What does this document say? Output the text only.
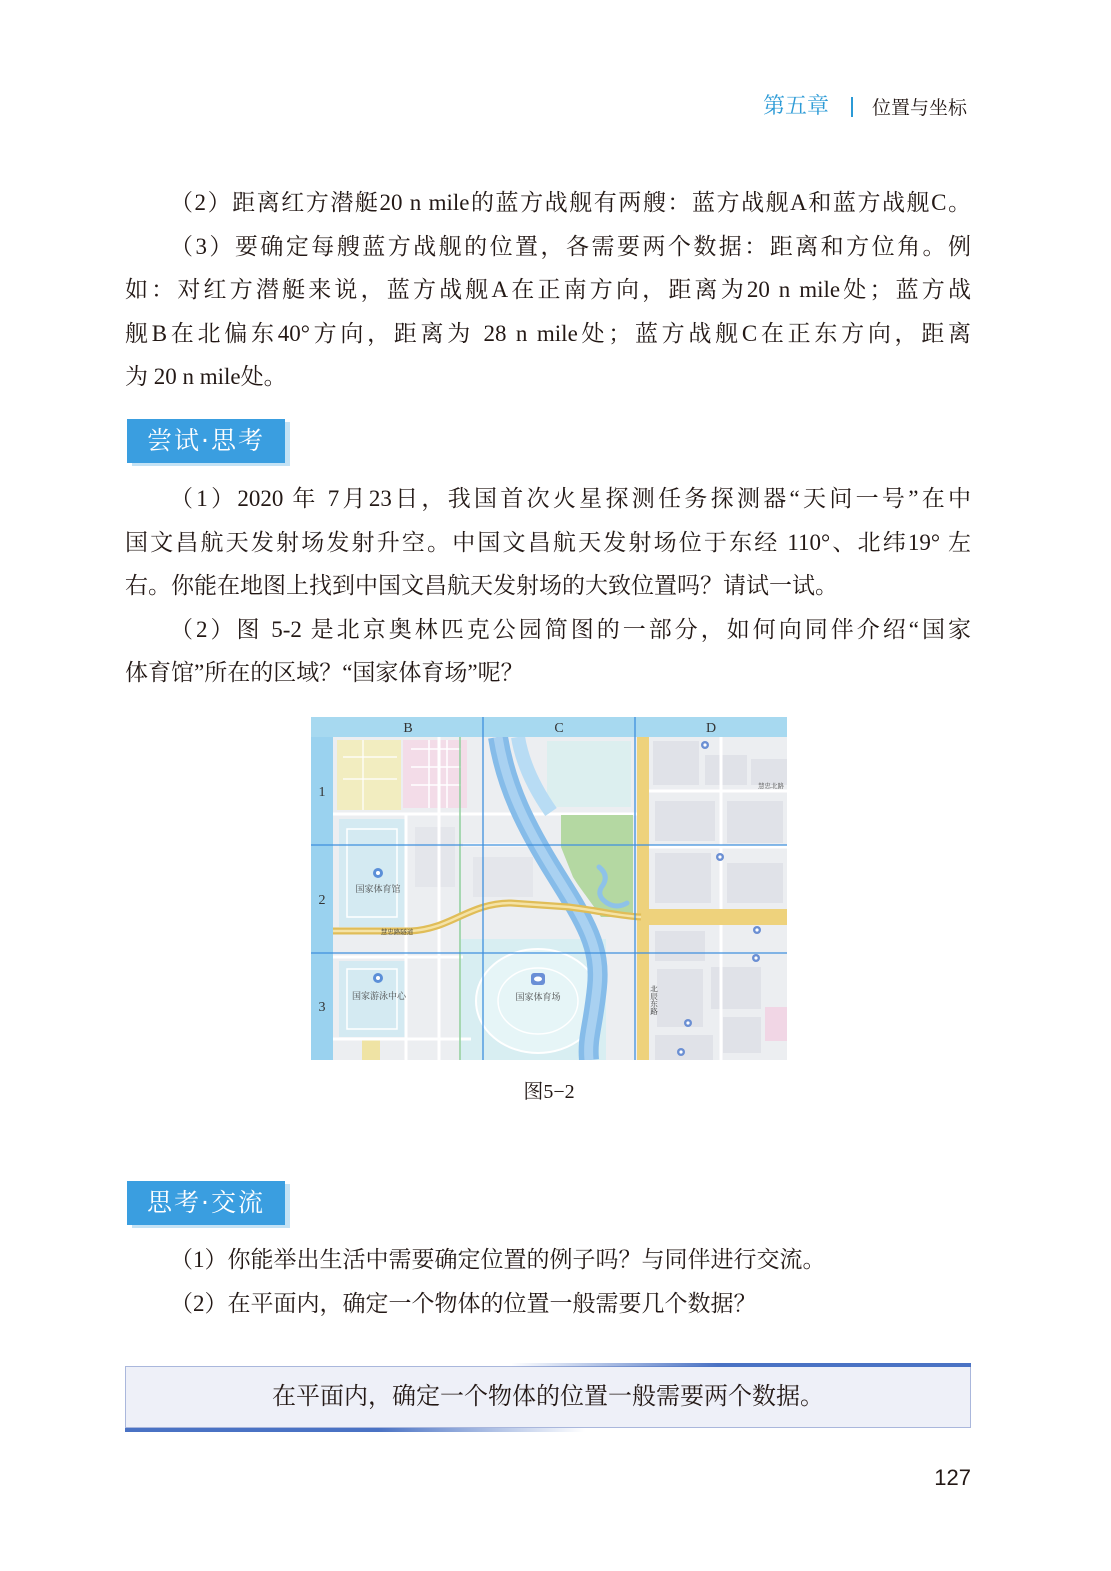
第五章 位置与坐标
（2）距离红方潜艇20 n mile的蓝方战舰有两艘：蓝方战舰A和蓝方战舰C。
（3）要确定每艘蓝方战舰的位置，各需要两个数据：距离和方位角。例
如：对红方潜艇来说，蓝方战舰A在正南方向，距离为20 n mile处；蓝方战
舰B在北偏东40°方向，距离为 28 n mile处；蓝方战舰C在正东方向，距离
为 20 n mile处。
尝试·思考
（1）2020 年 7月23日，我国首次火星探测任务探测器“天问一号”在中
国文昌航天发射场发射升空。中国文昌航天发射场位于东经 110°、北纬19° 左
右。你能在地图上找到中国文昌航天发射场的大致位置吗？请试一试。
（2）图 5-2 是北京奥林匹克公园简图的一部分，如何向同伴介绍“国家
体育馆”所在的区域？“国家体育场”呢？
国家体育馆
国家游泳中心	国家体育场
慧忠路隧道
北辰东路
慧忠北路
B	C	D
1
2
3
图5−2
思考·交流
（1）你能举出生活中需要确定位置的例子吗？与同伴进行交流。
（2）在平面内，确定一个物体的位置一般需要几个数据？
在平面内，确定一个物体的位置一般需要两个数据。
127
